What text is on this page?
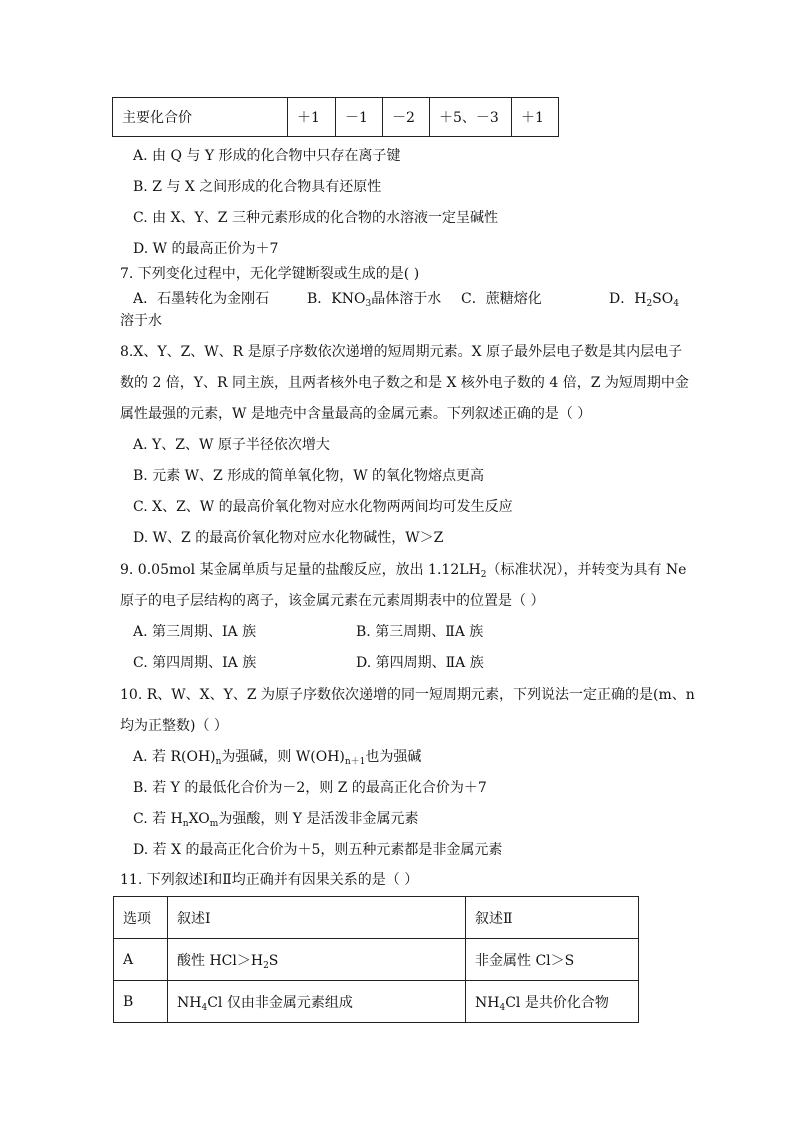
主要化合价	＋1	－1	－2	＋5、－3	＋1
A. 由 Q 与 Y 形成的化合物中只存在离子键
B. Z 与 X 之间形成的化合物具有还原性
C. 由 X、Y、Z 三种元素形成的化合物的水溶液一定呈碱性
D. W 的最高正价为＋7
7. 下列变化过程中，无化学键断裂或生成的是( )
A．石墨转化为金刚石	B．$KNO_3$晶体溶于水 C．蔗糖熔化	D．$H_2SO_4$
溶于水
8.X、Y、Z、W、R 是原子序数依次递增的短周期元素。X 原子最外层电子数是其内层电子
数的 2 倍，Y、R 同主族，且两者核外电子数之和是 X 核外电子数的 4 倍，Z 为短周期中金
属性最强的元素，W 是地壳中含量最高的金属元素。下列叙述正确的是（ ）
A. Y、Z、W 原子半径依次增大
B. 元素 W、Z 形成的简单氧化物，W 的氧化物熔点更高
C. X、Z、W 的最高价氧化物对应水化物两两间均可发生反应
D. W、Z 的最高价氧化物对应水化物碱性，W＞Z
9. 0.05mol 某金属单质与足量的盐酸反应，放出 $1.12LH_2$（标准状况），并转变为具有 Ne
原子的电子层结构的离子，该金属元素在元素周期表中的位置是（ ）
A. 第三周期、ⅠA 族	B. 第三周期、ⅡA 族
C. 第四周期、ⅠA 族	D. 第四周期、ⅡA 族
10. R、W、X、Y、Z 为原子序数依次递增的同一短周期元素，下列说法一定正确的是(m、n
均为正整数)（ ）
A. 若 $R(OH)_n$为强碱，则 $W(OH)_{n+1}$也为强碱
B. 若 Y 的最低化合价为－2，则 Z 的最高正化合价为＋7
C. 若 $H_nXO_m$为强酸，则 Y 是活泼非金属元素
D. 若 X 的最高正化合价为＋5，则五种元素都是非金属元素
11. 下列叙述Ⅰ和Ⅱ均正确并有因果关系的是（ ）
选项	叙述Ⅰ	叙述Ⅱ
A	酸性 $HCl>H_2S$	非金属性 Cl＞S
B	$NH_4Cl$ 仅由非金属元素组成	$NH_4Cl$ 是共价化合物
